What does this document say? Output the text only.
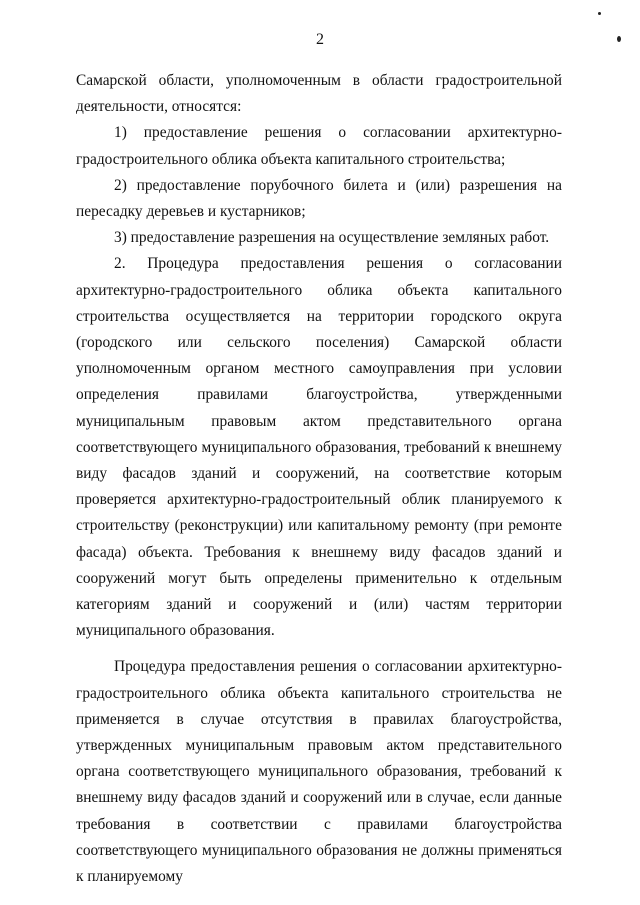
2

Самарской области, уполномоченным в области градостроительной деятельности, относятся:

1) предоставление решения о согласовании архитектурно-градостроительного облика объекта капитального строительства;

2) предоставление порубочного билета и (или) разрешения на пересадку деревьев и кустарников;

3) предоставление разрешения на осуществление земляных работ.

2. Процедура предоставления решения о согласовании архитектурно-градостроительного облика объекта капитального строительства осуществляется на территории городского округа (городского или сельского поселения) Самарской области уполномоченным органом местного самоуправления при условии определения правилами благоустройства, утвержденными муниципальным правовым актом представительного органа соответствующего муниципального образования, требований к внешнему виду фасадов зданий и сооружений, на соответствие которым проверяется архитектурно-градостроительный облик планируемого к строительству (реконструкции) или капитальному ремонту (при ремонте фасада) объекта. Требования к внешнему виду фасадов зданий и сооружений могут быть определены применительно к отдельным категориям зданий и сооружений и (или) частям территории муниципального образования.

Процедура предоставления решения о согласовании архитектурно-градостроительного облика объекта капитального строительства не применяется в случае отсутствия в правилах благоустройства, утвержденных муниципальным правовым актом представительного органа соответствующего муниципального образования, требований к внешнему виду фасадов зданий и сооружений или в случае, если данные требования в соответствии с правилами благоустройства соответствующего муниципального образования не должны применяться к планируемому
